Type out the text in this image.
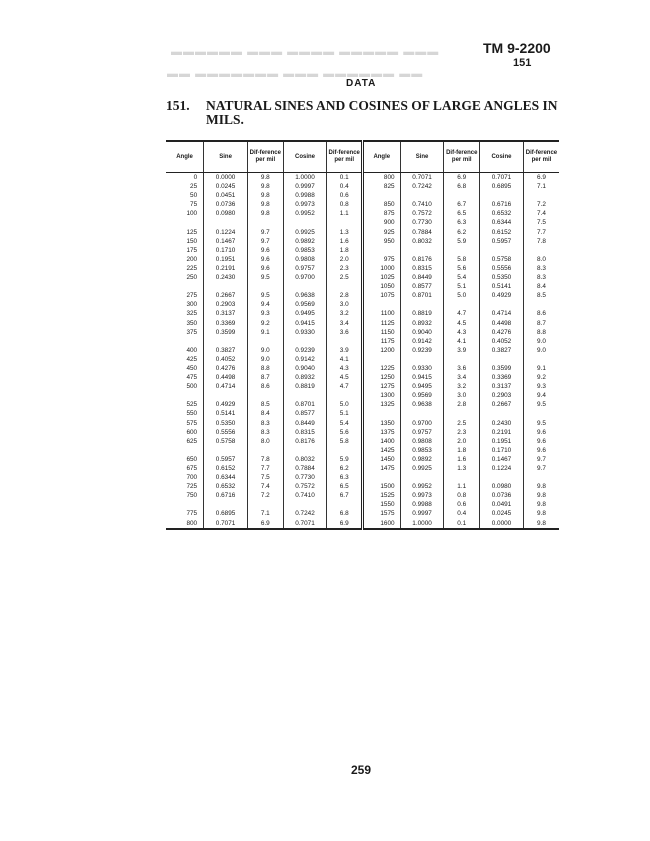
▬▬▬ ▬▬▬▬▬ ▬▬▬▬ ▬▬▬ ▬▬▬▬▬▬
▬▬ ▬▬▬▬▬▬ ▬▬▬ ▬▬▬▬▬▬▬ ▬▬
TM 9-2200
151
DATA
151. NATURAL SINES AND COSINES OF LARGE ANGLES IN
MILS.
Angle	Sine	Dif-ference per mil	Cosine	Dif-ference per mil	Angle	Sine	Dif-ference per mil	Cosine	Dif-ference per mil
0	0.0000	9.8	1.0000	0.1	800	0.7071	6.9	0.7071	6.9
25	0.0245	9.8	0.9997	0.4	825	0.7242	6.8	0.6895	7.1
50	0.0451	9.8	0.9988	0.6					
75	0.0736	9.8	0.9973	0.8	850	0.7410	6.7	0.6716	7.2
100	0.0980	9.8	0.9952	1.1	875	0.7572	6.5	0.6532	7.4
					900	0.7730	6.3	0.6344	7.5
125	0.1224	9.7	0.9925	1.3	925	0.7884	6.2	0.6152	7.7
150	0.1467	9.7	0.9892	1.6	950	0.8032	5.9	0.5957	7.8
175	0.1710	9.6	0.9853	1.8					
200	0.1951	9.6	0.9808	2.0	975	0.8176	5.8	0.5758	8.0
225	0.2191	9.6	0.9757	2.3	1000	0.8315	5.6	0.5556	8.3
250	0.2430	9.5	0.9700	2.5	1025	0.8449	5.4	0.5350	8.3
					1050	0.8577	5.1	0.5141	8.4
275	0.2667	9.5	0.9638	2.8	1075	0.8701	5.0	0.4929	8.5
300	0.2903	9.4	0.9569	3.0					
325	0.3137	9.3	0.9495	3.2	1100	0.8819	4.7	0.4714	8.6
350	0.3369	9.2	0.9415	3.4	1125	0.8932	4.5	0.4498	8.7
375	0.3599	9.1	0.9330	3.6	1150	0.9040	4.3	0.4276	8.8
					1175	0.9142	4.1	0.4052	9.0
400	0.3827	9.0	0.9239	3.9	1200	0.9239	3.9	0.3827	9.0
425	0.4052	9.0	0.9142	4.1					
450	0.4276	8.8	0.9040	4.3	1225	0.9330	3.6	0.3599	9.1
475	0.4498	8.7	0.8932	4.5	1250	0.9415	3.4	0.3369	9.2
500	0.4714	8.6	0.8819	4.7	1275	0.9495	3.2	0.3137	9.3
					1300	0.9569	3.0	0.2903	9.4
525	0.4929	8.5	0.8701	5.0	1325	0.9638	2.8	0.2667	9.5
550	0.5141	8.4	0.8577	5.1					
575	0.5350	8.3	0.8449	5.4	1350	0.9700	2.5	0.2430	9.5
600	0.5556	8.3	0.8315	5.6	1375	0.9757	2.3	0.2191	9.6
625	0.5758	8.0	0.8176	5.8	1400	0.9808	2.0	0.1951	9.6
					1425	0.9853	1.8	0.1710	9.6
650	0.5957	7.8	0.8032	5.9	1450	0.9892	1.6	0.1467	9.7
675	0.6152	7.7	0.7884	6.2	1475	0.9925	1.3	0.1224	9.7
700	0.6344	7.5	0.7730	6.3					
725	0.6532	7.4	0.7572	6.5	1500	0.9952	1.1	0.0980	9.8
750	0.6716	7.2	0.7410	6.7	1525	0.9973	0.8	0.0736	9.8
					1550	0.9988	0.6	0.0491	9.8
775	0.6895	7.1	0.7242	6.8	1575	0.9997	0.4	0.0245	9.8
800	0.7071	6.9	0.7071	6.9	1600	1.0000	0.1	0.0000	9.8
259
